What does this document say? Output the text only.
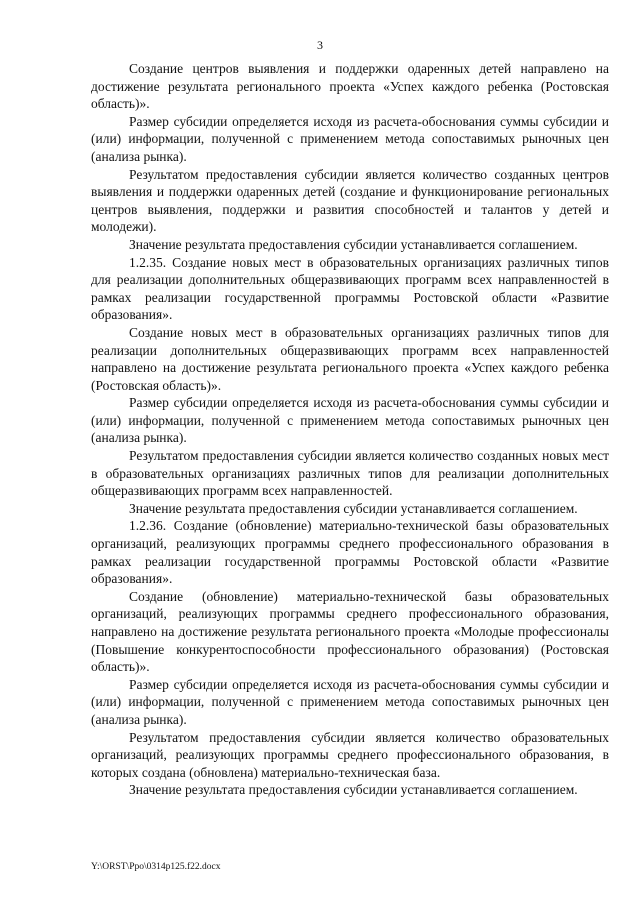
3

Создание центров выявления и поддержки одаренных детей направлено на достижение результата регионального проекта «Успех каждого ребенка (Ростовская область)».

Размер субсидии определяется исходя из расчета-обоснования суммы субсидии и (или) информации, полученной с применением метода сопоставимых рыночных цен (анализа рынка).

Результатом предоставления субсидии является количество созданных центров выявления и поддержки одаренных детей (создание и функционирование региональных центров выявления, поддержки и развития способностей и талантов у детей и молодежи).

Значение результата предоставления субсидии устанавливается соглашением.

1.2.35. Создание новых мест в образовательных организациях различных типов для реализации дополнительных общеразвивающих программ всех направленностей в рамках реализации государственной программы Ростовской области «Развитие образования».

Создание новых мест в образовательных организациях различных типов для реализации дополнительных общеразвивающих программ всех направленностей направлено на достижение результата регионального проекта «Успех каждого ребенка (Ростовская область)».

Размер субсидии определяется исходя из расчета-обоснования суммы субсидии и (или) информации, полученной с применением метода сопоставимых рыночных цен (анализа рынка).

Результатом предоставления субсидии является количество созданных новых мест в образовательных организациях различных типов для реализации дополнительных общеразвивающих программ всех направленностей.

Значение результата предоставления субсидии устанавливается соглашением.

1.2.36. Создание (обновление) материально-технической базы образовательных организаций, реализующих программы среднего профессионального образования в рамках реализации государственной программы Ростовской области «Развитие образования».

Создание (обновление) материально-технической базы образовательных организаций, реализующих программы среднего профессионального образования, направлено на достижение результата регионального проекта «Молодые профессионалы (Повышение конкурентоспособности профессионального образования) (Ростовская область)».

Размер субсидии определяется исходя из расчета-обоснования суммы субсидии и (или) информации, полученной с применением метода сопоставимых рыночных цен (анализа рынка).

Результатом предоставления субсидии является количество образовательных организаций, реализующих программы среднего профессионального образования, в которых создана (обновлена) материально-техническая база.

Значение результата предоставления субсидии устанавливается соглашением.

Y:\ORST\Ppo\0314p125.f22.docx
